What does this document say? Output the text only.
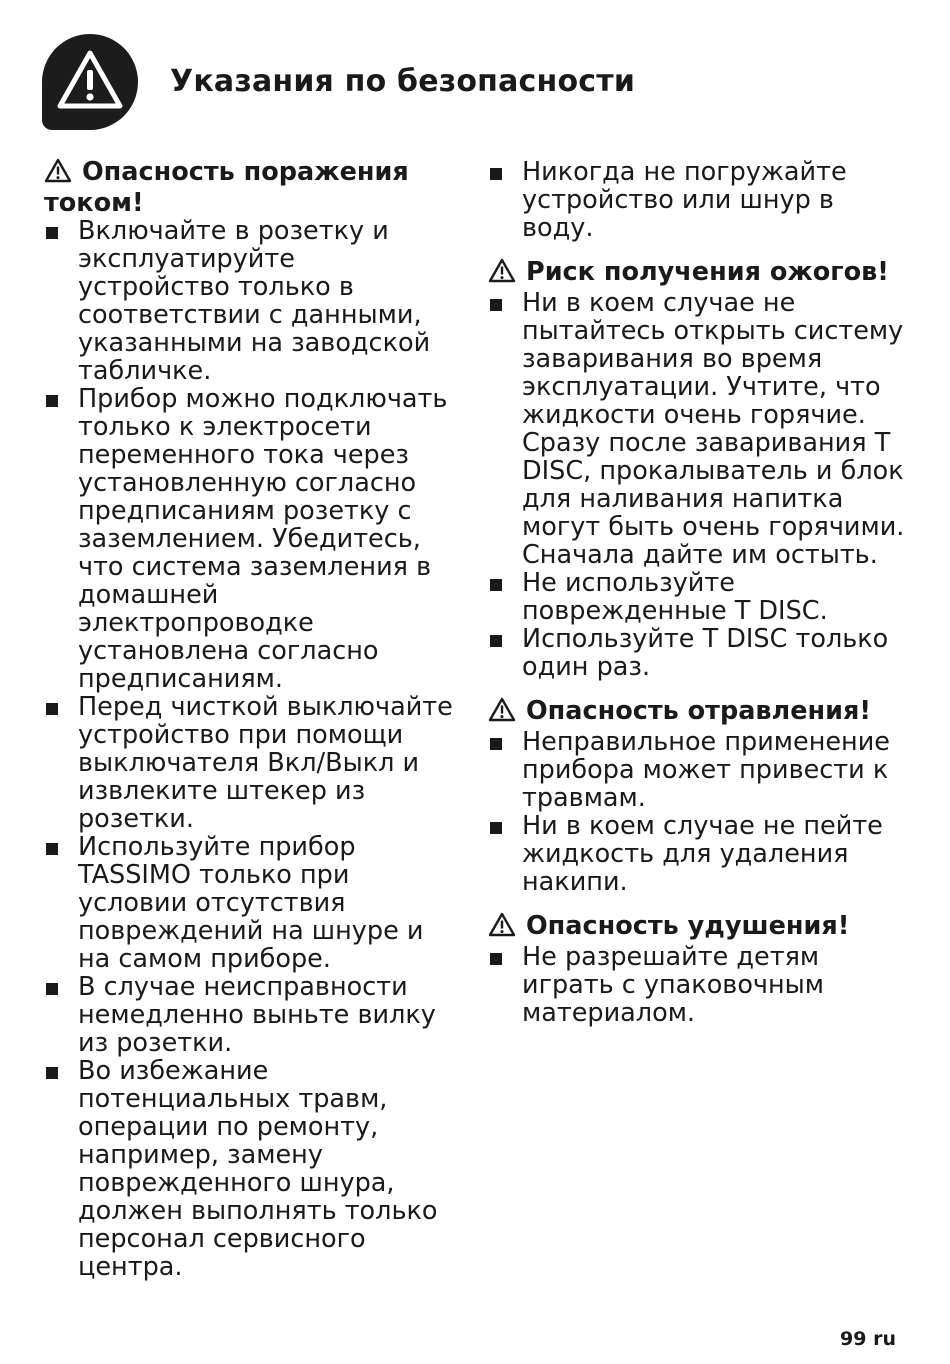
Указания по безопасности

Опасность поражения током!

Включайте в розетку и эксплуатируйте устройство только в соответствии с данными, указанными на заводской табличке.
Прибор можно подключать только к электросети переменного тока через установленную согласно предписаниям розетку с заземлением. Убедитесь, что система заземления в домашней электропроводке установлена согласно предписаниям.
Перед чисткой выключайте устройство при помощи выключателя Вкл/Выкл и извлеките штекер из розетки.
Используйте прибор TASSIMO только при условии отсутствия повреждений на шнуре и на самом приборе.
В случае неисправности немедленно выньте вилку из розетки.
Во избежание потенциальных травм, операции по ремонту, например, замену поврежденного шнура, должен выполнять только персонал сервисного центра.
Никогда не погружайте устройство или шнур в воду.

Риск получения ожогов!

Ни в коем случае не пытайтесь открыть систему заваривания во время эксплуатации. Учтите, что жидкости очень горячие. Сразу после заваривания T DISC, прокалыватель и блок для наливания напитка могут быть очень горячими. Сначала дайте им остыть.
Не используйте поврежденные T DISC.
Используйте T DISC только один раз.

Опасность отравления!

Неправильное применение прибора может привести к травмам.
Ни в коем случае не пейте жидкость для удаления накипи.

Опасность удушения!

Не разрешайте детям играть с упаковочным материалом.
99 ru
